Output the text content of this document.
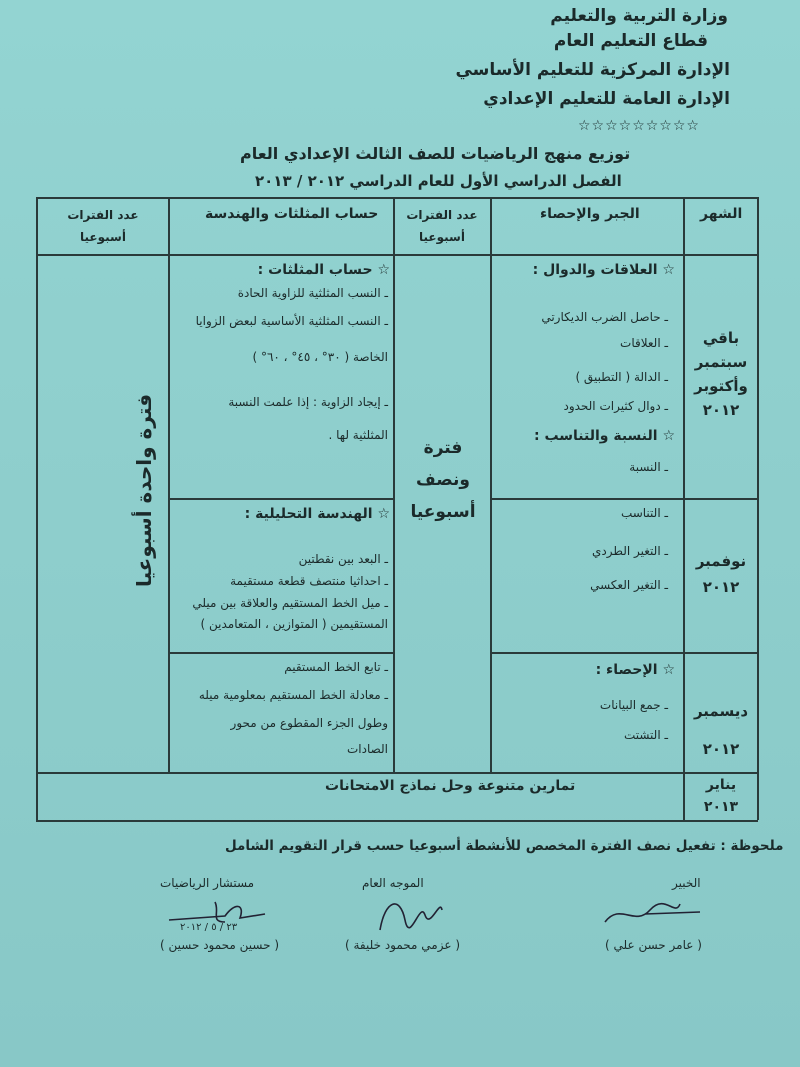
وزارة التربية والتعليم
قطاع التعليم العام
الإدارة المركزية للتعليم الأساسي
الإدارة العامة للتعليم الإعدادي
☆☆☆☆☆☆☆☆☆
توزيع منهج الرياضيات للصف الثالث الإعدادي العام
الفصل الدراسي الأول للعام الدراسي ٢٠١٢ / ٢٠١٣
الشهر
الجبر والإحصاء
عدد الفترات أسبوعيا
حساب المثلثات والهندسة
عدد الفترات أسبوعيا
باقي سبتمبر وأكتوبر ٢٠١٢
☆ العلاقات والدوال :
ـ حاصل الضرب الديكارتي
ـ العلاقات
ـ الدالة ( التطبيق )
ـ دوال كثيرات الحدود
☆ النسبة والتناسب :
ـ النسبة
☆ حساب المثلثات :
ـ النسب المثلثية للزاوية الحادة
ـ النسب المثلثية الأساسية لبعض الزوايا
الخاصة ( ٣٠° ، ٤٥° ، ٦٠° )
ـ إيجاد الزاوية : إذا علمت النسبة
المثلثية لها .
فترة ونصف أسبوعيا
فترة واحدة أسبوعيا	نوفمبر ٢٠١٢
ـ التناسب
ـ التغير الطردي
ـ التغير العكسي
☆ الهندسة التحليلية :
ـ البعد بين نقطتين
ـ احداثيا منتصف قطعة مستقيمة
ـ ميل الخط المستقيم والعلاقة بين ميلي
المستقيمين ( المتوازين ، المتعامدين )
ديسمبر ٢٠١٢
☆ الإحصاء :
ـ جمع البيانات
ـ التشتت
ـ تابع الخط المستقيم
ـ معادلة الخط المستقيم بمعلومية ميله
وطول الجزء المقطوع من محور
الصادات
يناير ٢٠١٣
تمارين متنوعة وحل نماذج الامتحانات
ملحوظة : تفعيل نصف الفترة المخصص للأنشطة أسبوعيا حسب قرار التقويم الشامل
الخبير
الموجه العام
مستشار الرياضيات
٢٣ / ٥ / ٢٠١٢
( عامر حسن علي )
( عزمي محمود خليفة )
( حسين محمود حسين )
